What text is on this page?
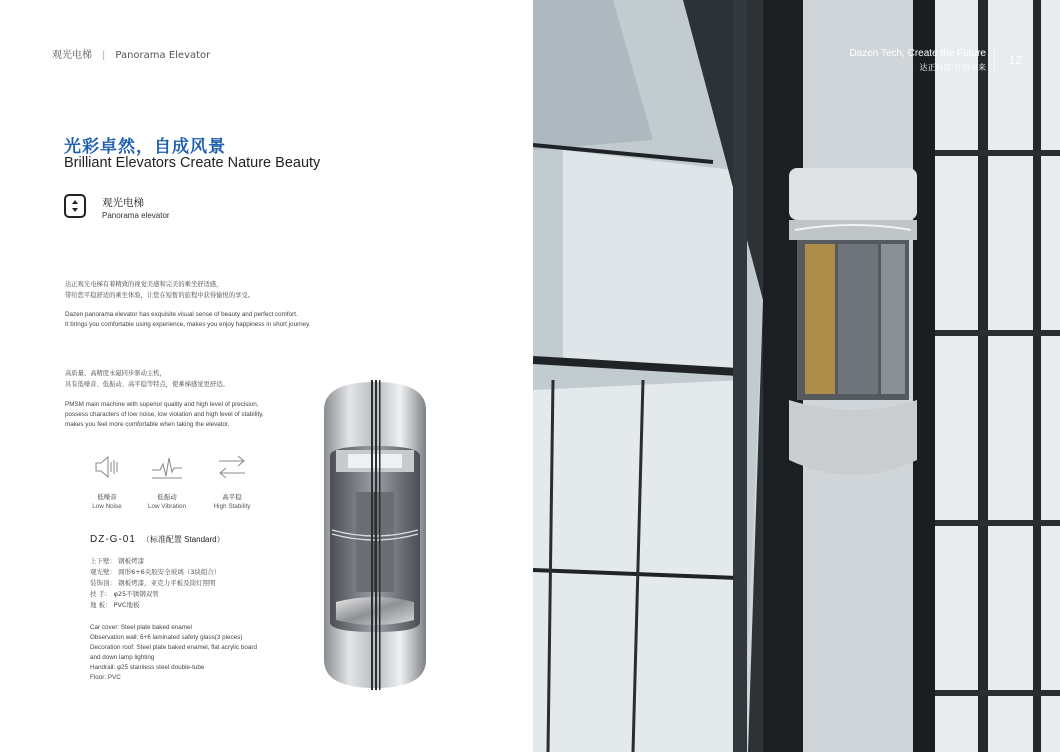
观光电梯 | Panorama Elevator
光彩卓然，自成风景
Brilliant Elevators Create Nature Beauty
观光电梯
Panorama elevator
达正观光电梯有着精致的视觉美感和完美的乘坐舒适感，
带给您平稳舒适的乘坐体验，让您在短暂的旅程中获得愉悦的享受。
Dazen panorama elevator has exquisite visual sense of beauty and perfect comfort.
It brings you comfortable using experience, makes you enjoy happiness in short journey.
高质量、高精度永磁同步驱动主机，
具有低噪音、低振动、高平稳等特点，使乘梯感觉更舒适。
PMSM main machine with superior quality and high level of precision,
possess characters of low noise, low violation and high level of stability,
makes you feel more comfortable when taking the elevator.
低噪音
Low Noise
低振动
Low Vibration
高平稳
High Stability
DZ-G-01 （标准配置 Standard）
上下壁： 钢板烤漆
观光壁： 圆形6+6夹胶安全玻璃（3块组合）
装饰顶： 钢板烤漆，亚克力平板及筒灯照明
扶 手： φ25不锈钢双管
地 板： PVC地板
Car cover: Steel plate baked enamel
Observation wall: 6+6 laminated safety glass(3 pieces)
Decoration roof: Steel plate baked enamel, flat acrylic board
and down lamp lighting
Handrail: φ25 stainless steel double-tube
Floor: PVC
Dazen Tech, Create the Future
达正科技 开创未来
12
